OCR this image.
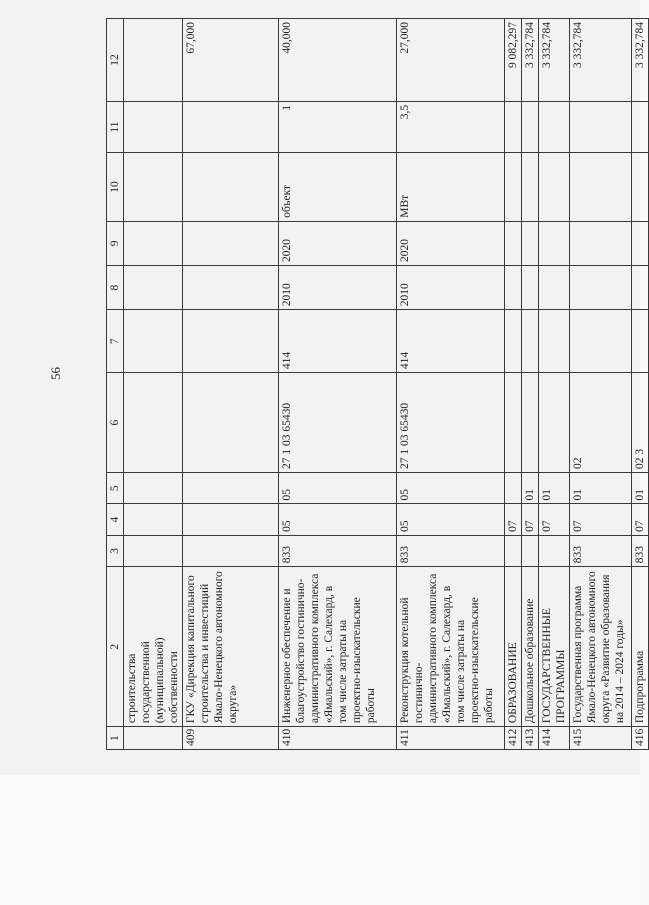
56
1	2	3	4	5	6	7	8	9	10	11	12
	строительства государственной (муниципальной) собственности										
409	ГКУ «Дирекция капитального строительства и инвестиций Ямало-Ненецкого автономного округа»										67,000
410	Инженерное обеспечение и благоустройство гостинично-административного комплекса «Ямальский», г. Салехард, в том числе затраты на проектно-изыскательские работы	833	05	05	27 1 03 65430	414	2010	2020	объект	1	40,000
411	Реконструкция котельной гостинично-административного комплекса «Ямальский», г. Салехард, в том числе затраты на проектно-изыскательские работы	833	05	05	27 1 03 65430	414	2010	2020	МВт	3,5	27,000
412	ОБРАЗОВАНИЕ		07								9 082,297
413	Дошкольное образование		07	01							3 332,784
414	ГОСУДАРСТВЕННЫЕ ПРОГРАММЫ		07	01							3 332,784
415	Государственная программа Ямало-Ненецкого автономного округа «Развитие образования на 2014 – 2024 годы»	833	07	01	02						3 332,784
416	Подпрограмма	833	07	01	02 3						3 332,784
